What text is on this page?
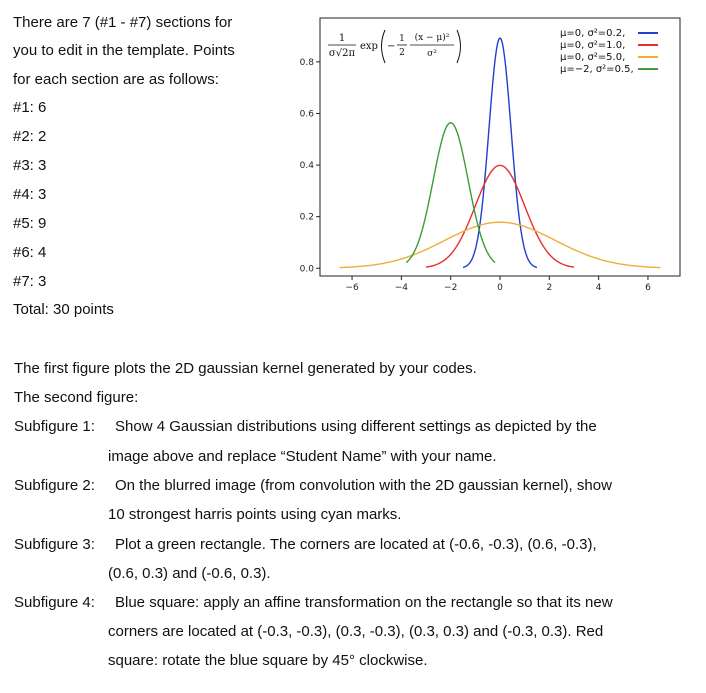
There are 7 (#1 - #7) sections for
you to edit in the template. Points
for each section are as follows:
#1: 6
#2: 2
#3: 3
#4: 3
#5: 9
#6: 4
#7: 3
Total: 30 points
−6	−4	−2	0	2	4	6
0.0
0.2
0.4
0.6
0.8
1
σ√2π
exp −
1
2
(x − μ)²
σ²
μ=0, σ²=0.2,
μ=0, σ²=1.0,
μ=0, σ²=5.0,
μ=−2, σ²=0.5,
The first figure plots the 2D gaussian kernel generated by your codes.
The second figure:
Subfigure 1: Show 4 Gaussian distributions using different settings as depicted by the
image above and replace “Student Name” with your name.
Subfigure 2: On the blurred image (from convolution with the 2D gaussian kernel), show
10 strongest harris points using cyan marks.
Subfigure 3: Plot a green rectangle. The corners are located at (-0.6, -0.3), (0.6, -0.3),
(0.6, 0.3) and (-0.6, 0.3).
Subfigure 4: Blue square: apply an affine transformation on the rectangle so that its new
corners are located at (-0.3, -0.3), (0.3, -0.3), (0.3, 0.3) and (-0.3, 0.3). Red
square: rotate the blue square by 45° clockwise.
